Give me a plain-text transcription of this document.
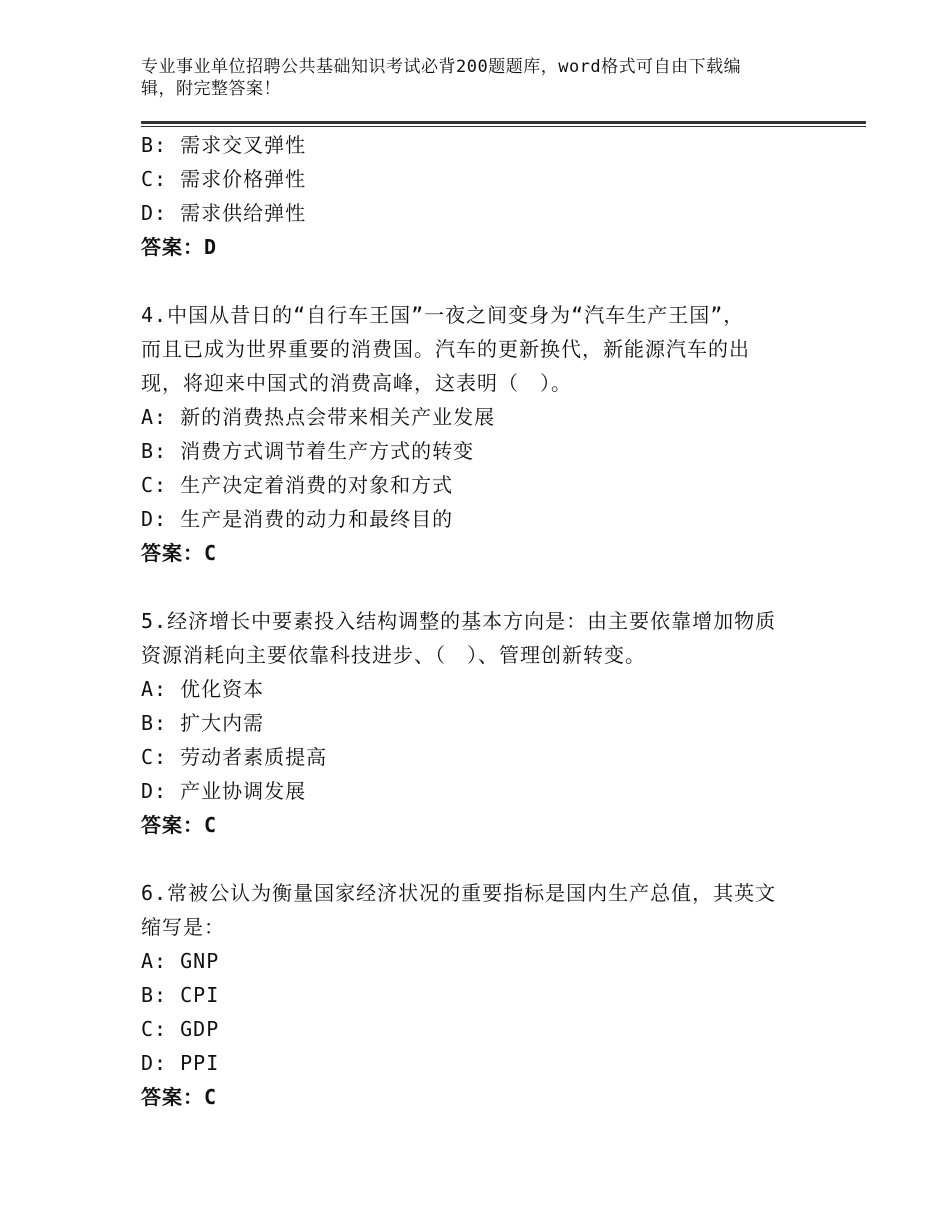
专业事业单位招聘公共基础知识考试必背200题题库，word格式可自由下载编
辑，附完整答案！
B: 需求交叉弹性
C: 需求价格弹性
D: 需求供给弹性
答案：D
4.中国从昔日的“自行车王国”一夜之间变身为“汽车生产王国”，
而且已成为世界重要的消费国。汽车的更新换代，新能源汽车的出
现，将迎来中国式的消费高峰，这表明（　）。
A: 新的消费热点会带来相关产业发展
B: 消费方式调节着生产方式的转变
C: 生产决定着消费的对象和方式
D: 生产是消费的动力和最终目的
答案：C
5.经济增长中要素投入结构调整的基本方向是：由主要依靠增加物质
资源消耗向主要依靠科技进步、（　）、管理创新转变。
A: 优化资本
B: 扩大内需
C: 劳动者素质提高
D: 产业协调发展
答案：C
6.常被公认为衡量国家经济状况的重要指标是国内生产总值，其英文
缩写是：
A: GNP
B: CPI
C: GDP
D: PPI
答案：C
